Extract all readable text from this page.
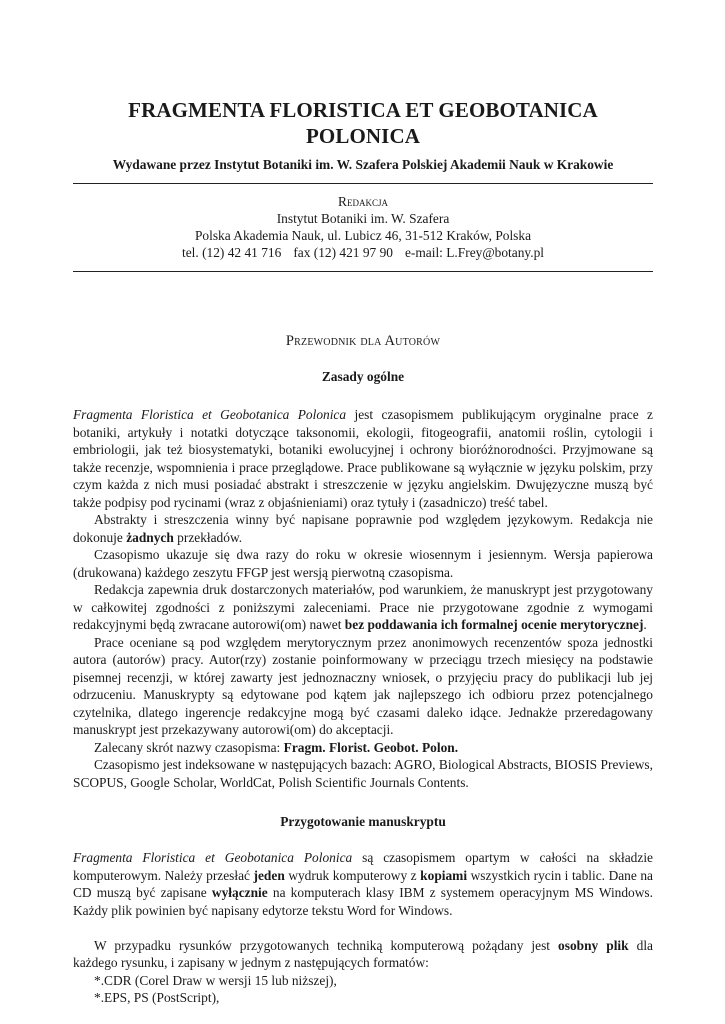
FRAGMENTA FLORISTICA ET GEOBOTANICA
POLONICA
Wydawane przez Instytut Botaniki im. W. Szafera Polskiej Akademii Nauk w Krakowie
Redakcja
Instytut Botaniki im. W. Szafera
Polska Akademia Nauk, ul. Lubicz 46, 31-512 Kraków, Polska
tel. (12) 42 41 716 fax (12) 421 97 90 e-mail: L.Frey@botany.pl
Przewodnik dla Autorów
Zasady ogólne

Fragmenta Floristica et Geobotanica Polonica jest czasopismem publikującym oryginalne prace z botaniki, artykuły i notatki dotyczące taksonomii, ekologii, fitogeografii, anatomii roślin, cytologii i embriologii, jak też biosystematyki, botaniki ewolucyjnej i ochrony bioróżnorodności. Przyjmowane są także recenzje, wspomnienia i prace przeglądowe. Prace publikowane są wyłącznie w języku polskim, przy czym każda z nich musi posiadać abstrakt i streszczenie w języku angielskim. Dwujęzyczne muszą być także podpisy pod rycinami (wraz z objaśnieniami) oraz tytuły i (zasadniczo) treść tabel.

Abstrakty i streszczenia winny być napisane poprawnie pod względem językowym. Redakcja nie dokonuje żadnych przekładów.

Czasopismo ukazuje się dwa razy do roku w okresie wiosennym i jesiennym. Wersja papierowa (drukowana) każdego zeszytu FFGP jest wersją pierwotną czasopisma.

Redakcja zapewnia druk dostarczonych materiałów, pod warunkiem, że manuskrypt jest przygotowany w całkowitej zgodności z poniższymi zaleceniami. Prace nie przygotowane zgodnie z wymogami redakcyjnymi będą zwracane autorowi(om) nawet bez poddawania ich formalnej ocenie merytorycznej.

Prace oceniane są pod względem merytorycznym przez anonimowych recenzentów spoza jednostki autora (autorów) pracy. Autor(rzy) zostanie poinformowany w przeciągu trzech miesięcy na podstawie pisemnej recenzji, w której zawarty jest jednoznaczny wniosek, o przyjęciu pracy do publikacji lub jej odrzuceniu. Manuskrypty są edytowane pod kątem jak najlepszego ich odbioru przez potencjalnego czytelnika, dlatego ingerencje redakcyjne mogą być czasami daleko idące. Jednakże przeredagowany manuskrypt jest przekazywany autorowi(om) do akceptacji.

Zalecany skrót nazwy czasopisma: Fragm. Florist. Geobot. Polon.

Czasopismo jest indeksowane w następujących bazach: AGRO, Biological Abstracts, BIOSIS Previews, SCOPUS, Google Scholar, WorldCat, Polish Scientific Journals Contents.

Przygotowanie manuskryptu

Fragmenta Floristica et Geobotanica Polonica są czasopismem opartym w całości na składzie komputerowym. Należy przesłać jeden wydruk komputerowy z kopiami wszystkich rycin i tablic. Dane na CD muszą być zapisane wyłącznie na komputerach klasy IBM z systemem operacyjnym MS Windows. Każdy plik powinien być napisany edytorze tekstu Word for Windows.

W przypadku rysunków przygotowanych techniką komputerową pożądany jest osobny plik dla każdego rysunku, i zapisany w jednym z następujących formatów:

*.CDR (Corel Draw w wersji 15 lub niższej),

*.EPS, PS (PostScript),
